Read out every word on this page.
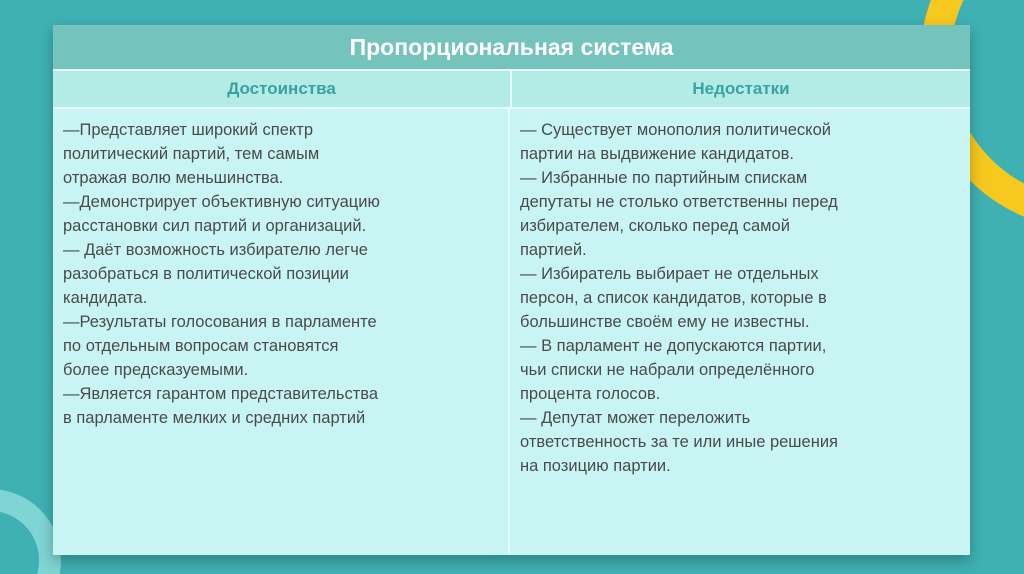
Пропорциональная система
Достоинства	Недостатки
—Представляет широкий спектр
политический партий, тем самым
отражая волю меньшинства.
—Демонстрирует объективную ситуацию
расстановки сил партий и организаций.
— Даёт возможность избирателю легче
разобраться в политической позиции
кандидата.
—Результаты голосования в парламенте
по отдельным вопросам становятся
более предсказуемыми.
—Является гарантом представительства
в парламенте мелких и средних партий
— Существует монополия политической
партии на выдвижение кандидатов.
— Избранные по партийным спискам
депутаты не столько ответственны перед
избирателем, сколько перед самой
партией.
— Избиратель выбирает не отдельных
персон, а список кандидатов, которые в
большинстве своём ему не известны.
— В парламент не допускаются партии,
чьи списки не набрали определённого
процента голосов.
— Депутат может переложить
ответственность за те или иные решения
на позицию партии.
